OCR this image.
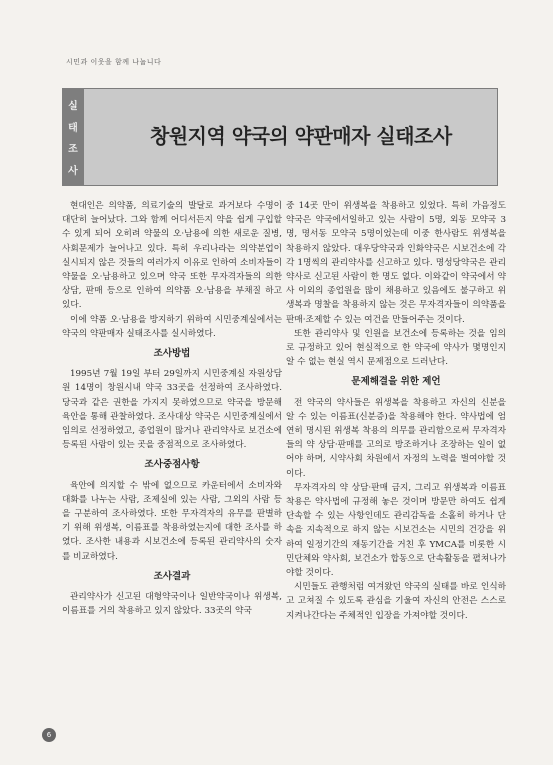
시민과 이웃을 함께 나눕니다
실
태
조
사
창원지역 약국의 약판매자 실태조사

현대인은 의약품, 의료기술의 발달로 과거보다 수명이 대단히 늘어났다. 그와 함께 어디서든지 약을 쉽게 구입할 수 있게 되어 오히려 약물의 오·남용에 의한 새로운 질병, 사회문제가 늘어나고 있다. 특히 우리나라는 의약분업이 실시되지 않은 것들의 여러가지 이유로 인하여 소비자들이 약물을 오·남용하고 있으며 약국 또한 무자격자들의 의한 상담, 판매 등으로 인하여 의약품 오·남용을 부채질 하고 있다.

이에 약품 오·남용을 방지하기 위하여 시민중계실에서는 약국의 약판매자 실태조사를 실시하였다.

조사방법

1995년 7월 19일 부터 29일까지 시민중계실 자원상담원 14명이 창원시내 약국 33곳을 선정하여 조사하였다. 당국과 같은 권한을 가지지 못하였으므로 약국을 방문해 육안을 통해 관찰하였다. 조사대상 약국은 시민중계실에서 임의로 선정하였고, 종업원이 많거나 관리약사로 보건소에 등록된 사람이 있는 곳을 중점적으로 조사하였다.

조사중점사항

육안에 의지할 수 밖에 없으므로 카운터에서 소비자와 대화를 나누는 사람, 조제실에 있는 사람, 그외의 사람 등을 구분하여 조사하였다. 또한 무자격자의 유무를 판별하기 위해 위생복, 이름표를 착용하였는지에 대한 조사를 하였다. 조사한 내용과 시보건소에 등록된 관리약사의 숫자를 비교하였다.

조사결과

관리약사가 신고된 대형약국이나 일반약국이나 위생복, 이름표를 거의 착용하고 있지 않았다. 33곳의 약국

중 14곳 만이 위생복을 착용하고 있었다. 특히 가음정도 약국은 약국에서일하고 있는 사람이 5명, 외동 모약국 3명, 명서동 모약국 5명이었는데 이중 한사람도 위생복을 착용하지 않았다. 대우당약국과 인화약국은 시보건소에 각각 1명씩의 관리약사를 신고하고 있다. 명성당약국은 관리약사로 신고된 사람이 한 명도 없다. 이와같이 약국에서 약사 이외의 종업원을 많이 채용하고 있음에도 불구하고 위생복과 명찰을 착용하지 않는 것은 무자격자들이 의약품을 판매·조제할 수 있는 여건을 만들어주는 것이다.

또한 관리약사 및 인원을 보건소에 등록하는 것을 임의로 규정하고 있어 현실적으로 한 약국에 약사가 몇명인지 알 수 없는 현실 역시 문제점으로 드러난다.

문제해결을 위한 제언

전 약국의 약사들은 위생복을 착용하고 자신의 신분을 알 수 있는 이름표(신분증)을 착용해야 한다. 약사법에 엄연히 명시된 위생복 착용의 의무를 관리함으로써 무자격자들의 약 상담·판매를 고의로 방조하거나 조장하는 일이 없어야 하며, 시약사회 차원에서 자정의 노력을 벌여야할 것이다.

무자격자의 약 상담·판매 금지, 그리고 위생복과 이름표 착용은 약사법에 규정해 놓은 것이며 방문만 하여도 쉽게 단속할 수 있는 사항인데도 관리감독을 소홀히 하거나 단속을 지속적으로 하지 않는 시보건소는 시민의 건강을 위하여 일정기간의 재동기간을 거친 후 YMCA를 비롯한 시민단체와 약사회, 보건소가 합동으로 단속활동을 펼쳐나가야할 것이다.

시민들도 관행처럼 여겨왔던 약국의 실태를 바로 인식하고 고쳐질 수 있도록 관심을 기울여 자신의 안전은 스스로 지켜나간다는 주체적인 입장을 가져야할 것이다.

6
